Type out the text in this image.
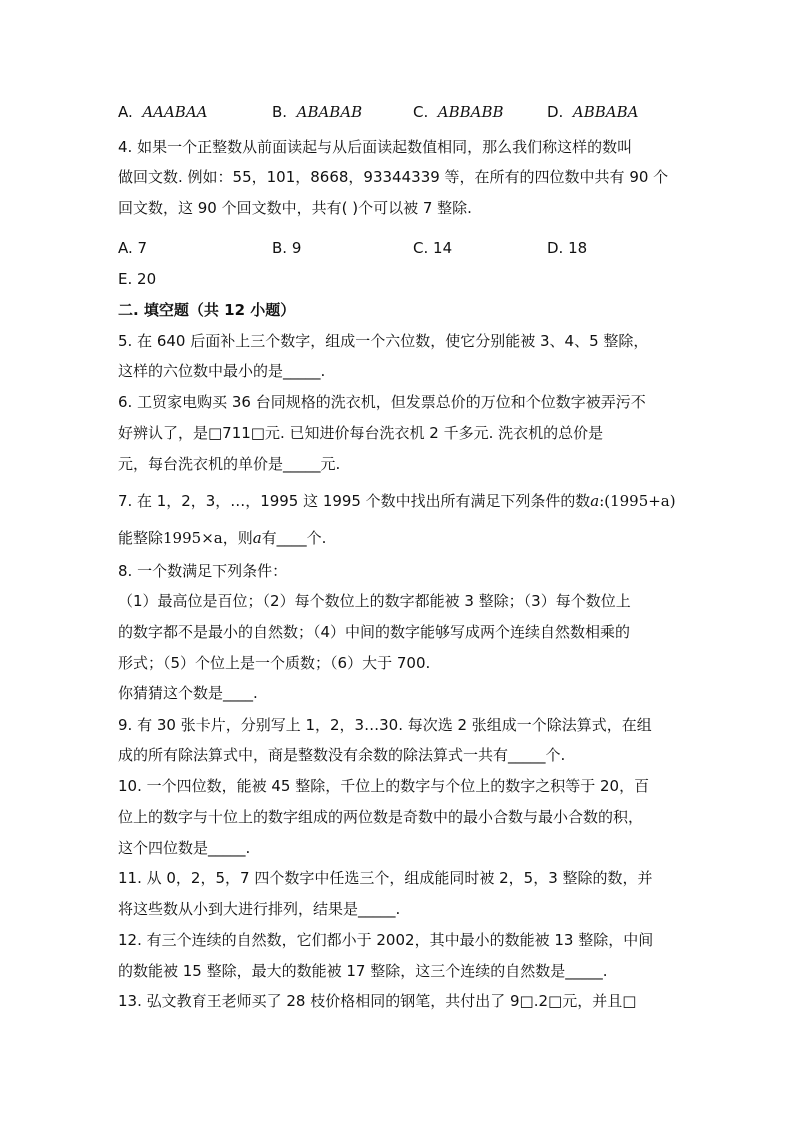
A. AAABAA	B. ABABAB	C. ABBABB	D. ABBABA
4. 如果一个正整数从前面读起与从后面读起数值相同，那么我们称这样的数叫
做回文数. 例如：55，101，8668，93344339 等，在所有的四位数中共有 90 个
回文数，这 90 个回文数中，共有( )个可以被 7 整除.
A. 7	B. 9	C. 14	D. 18
E. 20
二. 填空题（共 12 小题）
5. 在 640 后面补上三个数字，组成一个六位数，使它分别能被 3、4、5 整除，
这样的六位数中最小的是_____.
6. 工贸家电购买 36 台同规格的洗衣机，但发票总价的万位和个位数字被弄污不
好辨认了，是□711□元. 已知进价每台洗衣机 2 千多元. 洗衣机的总价是
元，每台洗衣机的单价是_____元.
7. 在 1，2，3，…，1995 这 1995 个数中找出所有满足下列条件的数a:(1995+a)
能整除1995×a，则a有____个.
8. 一个数满足下列条件：
（1）最高位是百位；（2）每个数位上的数字都能被 3 整除；（3）每个数位上
的数字都不是最小的自然数；（4）中间的数字能够写成两个连续自然数相乘的
形式；（5）个位上是一个质数；（6）大于 700.
你猜猜这个数是____.
9. 有 30 张卡片，分别写上 1，2，3…30. 每次选 2 张组成一个除法算式，在组
成的所有除法算式中，商是整数没有余数的除法算式一共有_____个.
10. 一个四位数，能被 45 整除，千位上的数字与个位上的数字之积等于 20，百
位上的数字与十位上的数字组成的两位数是奇数中的最小合数与最小合数的积，
这个四位数是_____.
11. 从 0，2，5，7 四个数字中任选三个，组成能同时被 2，5，3 整除的数，并
将这些数从小到大进行排列，结果是_____.
12. 有三个连续的自然数，它们都小于 2002，其中最小的数能被 13 整除，中间
的数能被 15 整除，最大的数能被 17 整除，这三个连续的自然数是_____.
13. 弘文教育王老师买了 28 枝价格相同的钢笔，共付出了 9□.2□元，并且□
